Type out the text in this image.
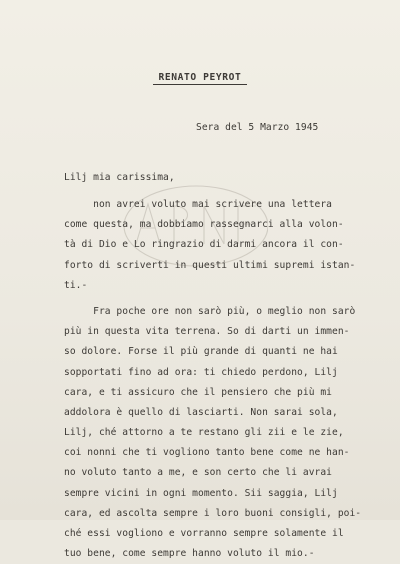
RENATO PEYROT
Sera del 5 Marzo 1945
Lilj mia carissima,
non avrei voluto mai scrivere una lettera
come questa, ma dobbiamo rassegnarci alla volon-
tà di Dio e Lo ringrazio di darmi ancora il con-
forto di scriverti in questi ultimi supremi istan-
ti.-
Fra poche ore non sarò più, o meglio non sarò
più in questa vita terrena. So di darti un immen-
so dolore. Forse il più grande di quanti ne hai
sopportati fino ad ora: ti chiedo perdono, Lilj
cara, e ti assicuro che il pensiero che più mi
addolora è quello di lasciarti. Non sarai sola,
Lilj, ché attorno a te restano gli zii e le zie,
coi nonni che ti vogliono tanto bene come ne han-
no voluto tanto a me, e son certo che li avrai
sempre vicini in ogni momento. Sii saggia, Lilj
cara, ed ascolta sempre i loro buoni consigli, poi-
ché essi vogliono e vorranno sempre solamente il
tuo bene, come sempre hanno voluto il mio.-
